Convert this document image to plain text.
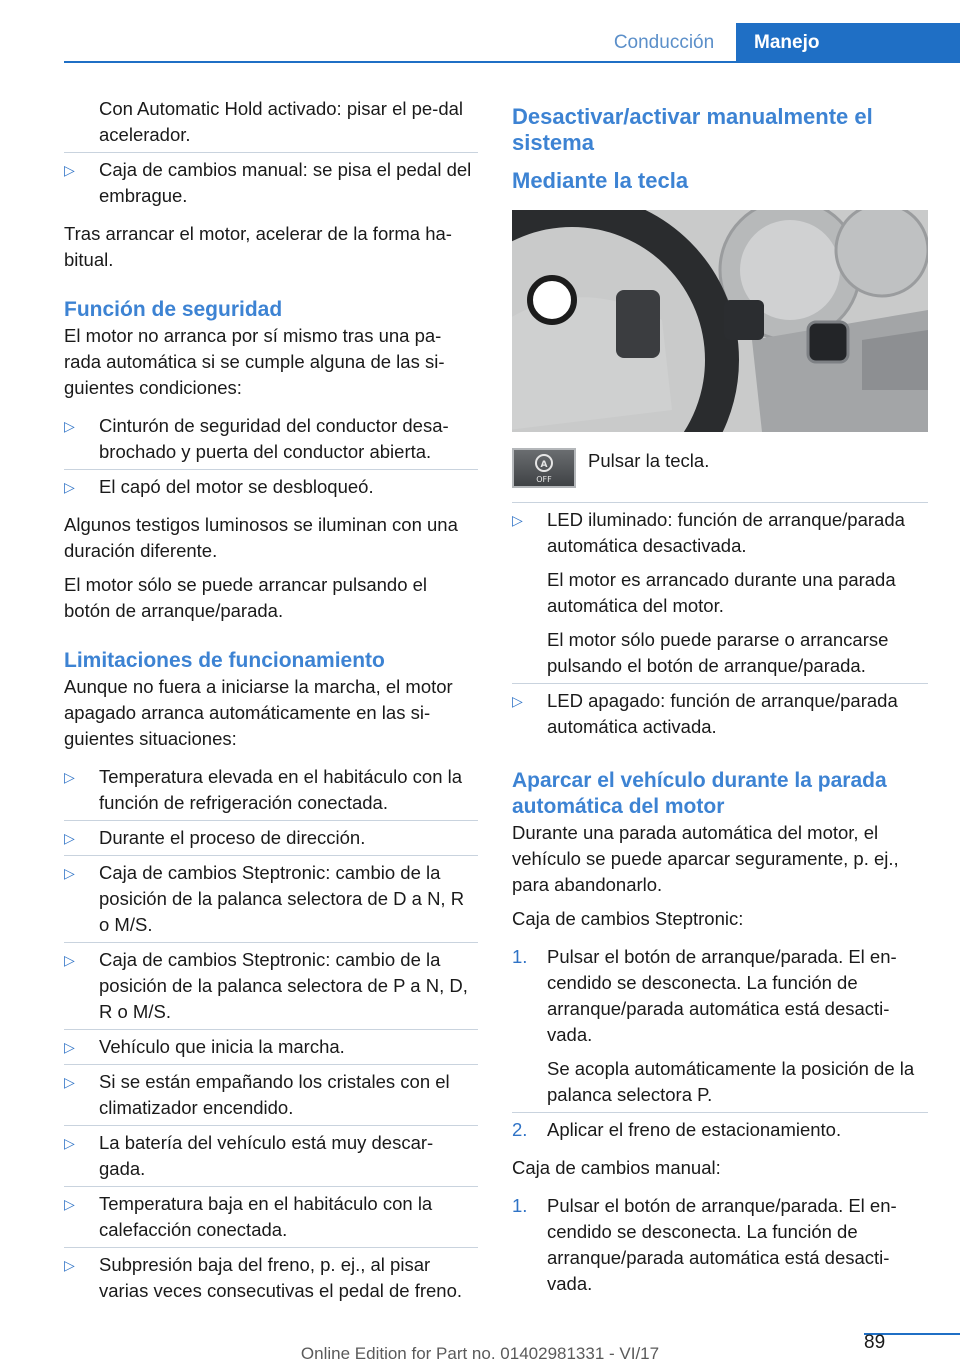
Conducción	Manejo
Con Automatic Hold activado: pisar el pe‐dal acelerador.
▷	Caja de cambios manual: se pisa el pedal del embrague.

Tras arrancar el motor, acelerar de la forma ha‐bitual.

Función de seguridad

El motor no arranca por sí mismo tras una pa‐rada automática si se cumple alguna de las si‐guientes condiciones:

▷	Cinturón de seguridad del conductor desa‐brochado y puerta del conductor abierta.
▷	El capó del motor se desbloqueó.

Algunos testigos luminosos se iluminan con una duración diferente.

El motor sólo se puede arrancar pulsando el botón de arranque/parada.

Limitaciones de funcionamiento

Aunque no fuera a iniciarse la marcha, el motor apagado arranca automáticamente en las si‐guientes situaciones:

▷	Temperatura elevada en el habitáculo con la función de refrigeración conectada.
▷	Durante el proceso de dirección.
▷	Caja de cambios Steptronic: cambio de la posición de la palanca selectora de D a N, R o M/S.
▷	Caja de cambios Steptronic: cambio de la posición de la palanca selectora de P a N, D, R o M/S.
▷	Vehículo que inicia la marcha.
▷	Si se están empañando los cristales con el climatizador encendido.
▷	La batería del vehículo está muy descar‐gada.
▷	Temperatura baja en el habitáculo con la calefacción conectada.
▷	Subpresión baja del freno, p. ej., al pisar varias veces consecutivas el pedal de freno.
Desactivar/activar manualmente el sistema
Mediante la tecla
A
OFF
Pulsar la tecla.
▷	LED iluminado: función de arranque/parada automática desactivada.
El motor es arrancado durante una parada automática del motor.
El motor sólo puede pararse o arrancarse pulsando el botón de arranque/parada.
▷	LED apagado: función de arranque/parada automática activada.
Aparcar el vehículo durante la parada automática del motor

Durante una parada automática del motor, el vehículo se puede aparcar seguramente, p. ej., para abandonarlo.

Caja de cambios Steptronic:

1. Pulsar el botón de arranque/parada. El en‐cendido se desconecta. La función de arranque/parada automática está desacti‐vada.
Se acopla automáticamente la posición de la palanca selectora P.
2. Aplicar el freno de estacionamiento.

Caja de cambios manual:

1. Pulsar el botón de arranque/parada. El en‐cendido se desconecta. La función de arranque/parada automática está desacti‐vada.
89
Online Edition for Part no. 01402981331 - VI/17
